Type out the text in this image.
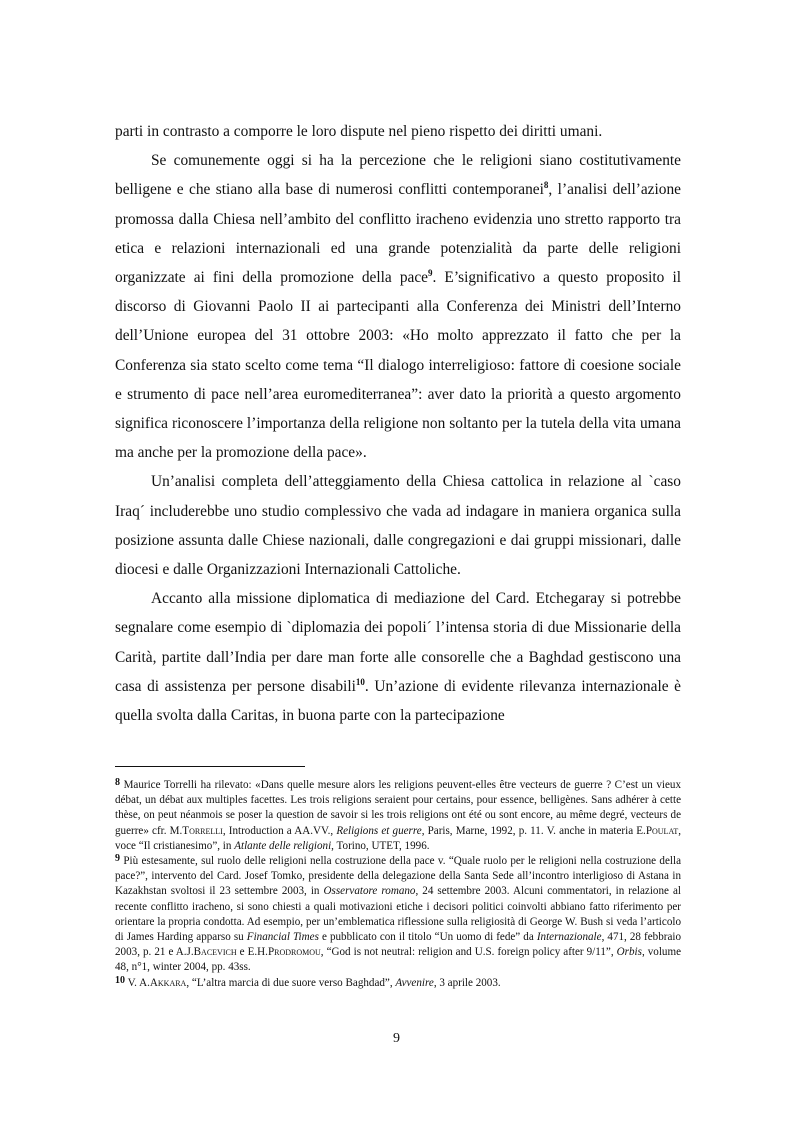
parti in contrasto a comporre le loro dispute nel pieno rispetto dei diritti umani.

Se comunemente oggi si ha la percezione che le religioni siano costitutivamente belligene e che stiano alla base di numerosi conflitti contemporanei$^8$, l’analisi dell’azione promossa dalla Chiesa nell’ambito del conflitto iracheno evidenzia uno stretto rapporto tra etica e relazioni internazionali ed una grande potenzialità da parte delle religioni organizzate ai fini della promozione della pace$^9$. E’significativo a questo proposito il discorso di Giovanni Paolo II ai partecipanti alla Conferenza dei Ministri dell’Interno dell’Unione europea del 31 ottobre 2003: «Ho molto apprezzato il fatto che per la Conferenza sia stato scelto come tema “Il dialogo interreligioso: fattore di coesione sociale e strumento di pace nell’area euromediterranea”: aver dato la priorità a questo argomento significa riconoscere l’importanza della religione non soltanto per la tutela della vita umana ma anche per la promozione della pace».

Un’analisi completa dell’atteggiamento della Chiesa cattolica in relazione al `caso Iraq´ includerebbe uno studio complessivo che vada ad indagare in maniera organica sulla posizione assunta dalle Chiese nazionali, dalle congregazioni e dai gruppi missionari, dalle diocesi e dalle Organizzazioni Internazionali Cattoliche.

Accanto alla missione diplomatica di mediazione del Card. Etchegaray si potrebbe segnalare come esempio di `diplomazia dei popoli´ l’intensa storia di due Missionarie della Carità, partite dall’India per dare man forte alle consorelle che a Baghdad gestiscono una casa di assistenza per persone disabili$^{10}$. Un’azione di evidente rilevanza internazionale è quella svolta dalla Caritas, in buona parte con la partecipazione

$^8$ Maurice Torrelli ha rilevato: «Dans quelle mesure alors les religions peuvent-elles être vecteurs de guerre ? C’est un vieux débat, un débat aux multiples facettes. Les trois religions seraient pour certains, pour essence, belligènes. Sans adhérer à cette thèse, on peut néanmois se poser la question de savoir si les trois religions ont été ou sont encore, au même degré, vecteurs de guerre» cfr. M.Torrelli, Introduction a AA.VV., Religions et guerre, Paris, Marne, 1992, p. 11. V. anche in materia E.Poulat, voce “Il cristianesimo”, in Atlante delle religioni, Torino, UTET, 1996.

$^9$ Più estesamente, sul ruolo delle religioni nella costruzione della pace v. “Quale ruolo per le religioni nella costruzione della pace?”, intervento del Card. Josef Tomko, presidente della delegazione della Santa Sede all’incontro interligioso di Astana in Kazakhstan svoltosi il 23 settembre 2003, in Osservatore romano, 24 settembre 2003. Alcuni commentatori, in relazione al recente conflitto iracheno, si sono chiesti a quali motivazioni etiche i decisori politici coinvolti abbiano fatto riferimento per orientare la propria condotta. Ad esempio, per un’emblematica riflessione sulla religiosità di George W. Bush si veda l’articolo di James Harding apparso su Financial Times e pubblicato con il titolo “Un uomo di fede” da Internazionale, 471, 28 febbraio 2003, p. 21 e A.J.Bacevich e E.H.Prodromou, “God is not neutral: religion and U.S. foreign policy after 9/11”, Orbis, volume 48, n°1, winter 2004, pp. 43ss.

$^{10}$ V. A.Akkara, “L’altra marcia di due suore verso Baghdad”, Avvenire, 3 aprile 2003.

9
